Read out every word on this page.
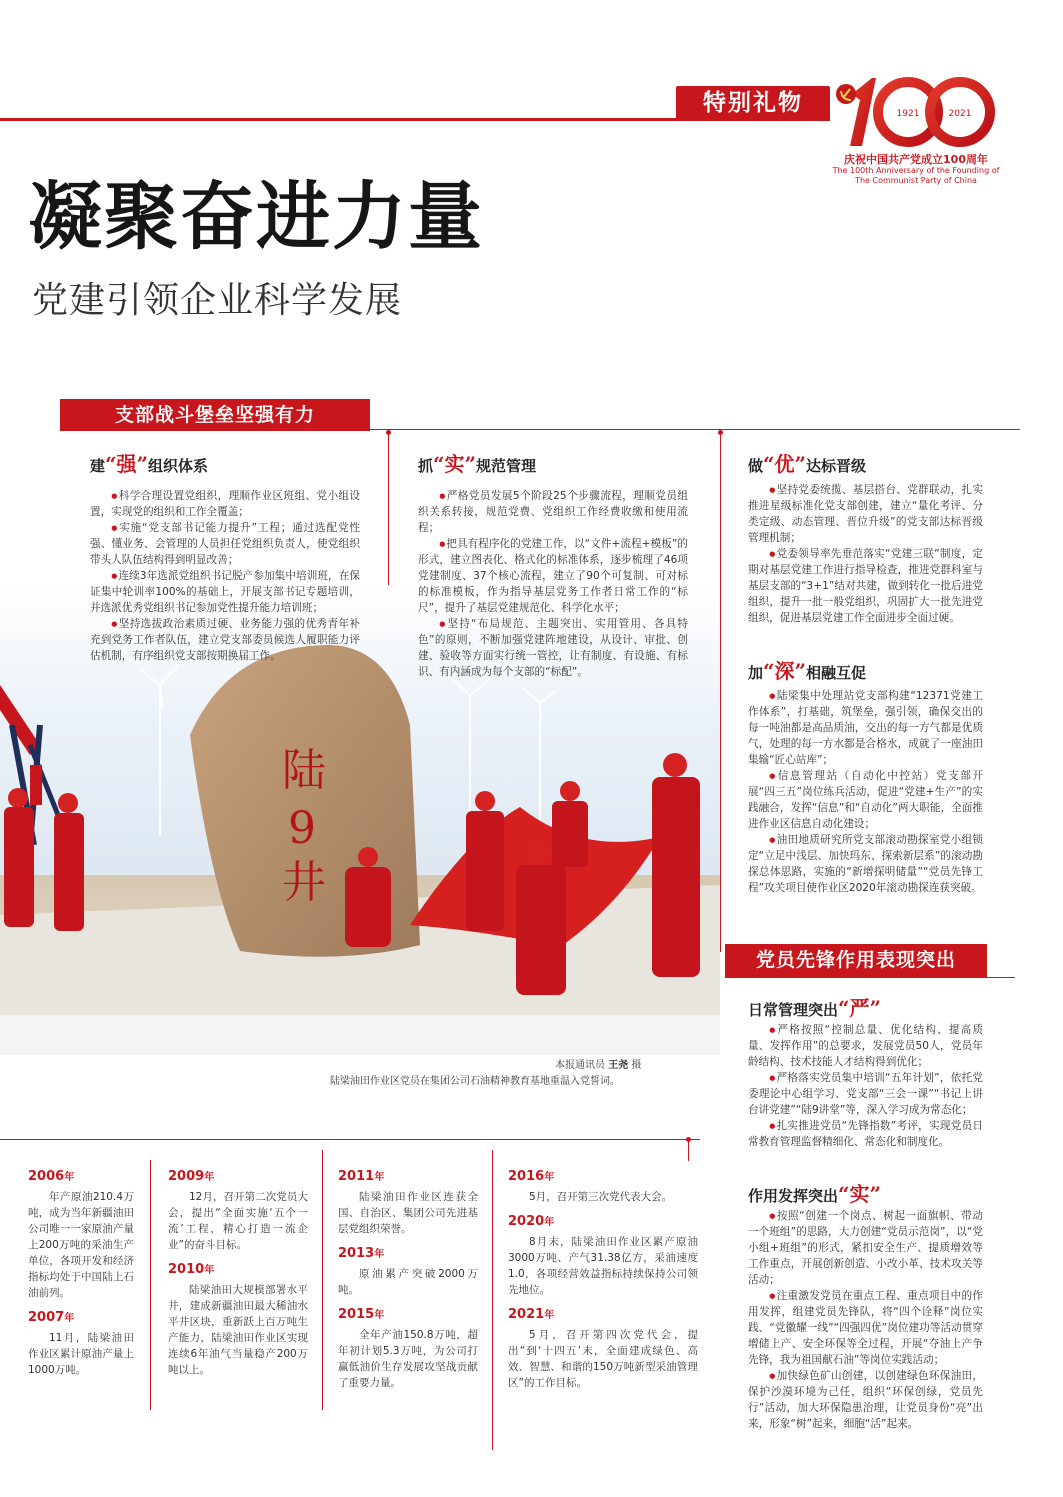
特别礼物	1921	2021
100
庆祝中国共产党成立100周年
The 100th Anniversary of the Founding of
The Communist Party of China
凝聚奋进力量
党建引领企业科学发展
支部战斗堡垒坚强有力
陆
9
井
本报通讯员 王尧 摄
陆梁油田作业区党员在集团公司石油精神教育基地重温入党誓词。
建“强”组织体系

● 科学合理设置党组织，理顺作业区班组、党小组设置，实现党的组织和工作全覆盖；

● 实施“党支部书记能力提升”工程；通过选配党性强、懂业务、会管理的人员担任党组织负责人，使党组织带头人队伍结构得到明显改善；

● 连续3年选派党组织书记脱产参加集中培训班，在保证集中轮训率100%的基础上，开展支部书记专题培训，并选派优秀党组织书记参加党性提升能力培训班；

● 坚持选拔政治素质过硬、业务能力强的优秀青年补充到党务工作者队伍，建立党支部委员候选人履职能力评估机制，有序组织党支部按期换届工作。

抓“实”规范管理

● 严格党员发展5个阶段25个步骤流程，理顺党员组织关系转接，规范党费、党组织工作经费收缴和使用流程；

● 把具有程序化的党建工作，以“文件+流程+模板”的形式，建立图表化、格式化的标准体系，逐步梳理了46项党建制度、37个核心流程，建立了90个可复制、可对标的标准模板，作为指导基层党务工作者日常工作的“标尺”，提升了基层党建规范化、科学化水平；

● 坚持“布局规范、主题突出、实用管用、各具特色”的原则，不断加强党建阵地建设，从设计、审批、创建、验收等方面实行统一管控，让有制度、有设施、有标识、有内涵成为每个支部的“标配”。

做“优”达标晋级

● 坚持党委统揽、基层搭台、党群联动，扎实推进星级标准化党支部创建，建立“量化考评、分类定级、动态管理、晋位升级”的党支部达标晋级管理机制；

● 党委领导率先垂范落实“党建三联”制度，定期对基层党建工作进行指导检查，推进党群科室与基层支部的“3+1”结对共建，做到转化一批后进党组织，提升一批一般党组织，巩固扩大一批先进党组织，促进基层党建工作全面进步全面过硬。

加“深”相融互促

● 陆梁集中处理站党支部构建“12371党建工作体系”，打基础，筑堡垒，强引领，确保交出的每一吨油都是高品质油，交出的每一方气都是优质气，处理的每一方水都是合格水，成就了一座油田集输“匠心站库”；

● 信息管理站（自动化中控站）党支部开展“四三五”岗位练兵活动，促进“党建+生产”的实践融合，发挥“信息”和“自动化”两大职能，全面推进作业区信息自动化建设；

● 油田地质研究所党支部滚动勘探室党小组锁定“立足中浅层、加快玛东、探索新层系”的滚动勘探总体思路，实施的“新增探明储量”“党员先锋工程”攻关项目使作业区2020年滚动勘探连获突破。

党员先锋作用表现突出
日常管理突出“严”

● 严格按照“控制总量、优化结构、提高质量、发挥作用”的总要求，发展党员50人，党员年龄结构、技术技能人才结构得到优化；

● 严格落实党员集中培训“五年计划”，依托党委理论中心组学习、党支部“三会一课”“书记上讲台讲党建”“陆9讲堂”等，深入学习成为常态化；

● 扎实推进党员“先锋指数”考评，实现党员日常教育管理监督精细化、常态化和制度化。

作用发挥突出“实”

● 按照“创建一个岗点、树起一面旗帜、带动一个班组”的思路，大力创建“党员示范岗”，以“党小组+班组”的形式，紧扣安全生产、提质增效等工作重点，开展创新创造、小改小革、技术攻关等活动；

● 注重激发党员在重点工程、重点项目中的作用发挥，组建党员先锋队，将“四个诠释”岗位实践、“党徽耀一线”“四强四优”岗位建功等活动贯穿增储上产、安全环保等全过程，开展“夺油上产争先锋，我为祖国献石油”等岗位实践活动；

● 加快绿色矿山创建，以创建绿色环保油田，保护沙漠环境为己任，组织“环保创绿，党员先行”活动，加大环保隐患治理，让党员身份“亮”出来，形象“树”起来，细胞“活”起来。

2006年
年产原油210.4万吨，成为当年新疆油田公司唯一一家原油产量上200万吨的采油生产单位，各项开发和经济指标均处于中国陆上石油前列。
2007年
11月，陆梁油田作业区累计原油产量上1000万吨。
2009年
12月，召开第二次党员大会，提出“全面实施‘五个一流’工程，精心打造一流企业”的奋斗目标。
2010年
陆梁油田大规模部署水平井，建成新疆油田最大稀油水平井区块，重新跃上百万吨生产能力，陆梁油田作业区实现连续6年油气当量稳产200万吨以上。
2011年
陆梁油田作业区连获全国、自治区、集团公司先进基层党组织荣誉。
2013年
原油累产突破2000万吨。
2015年
全年产油150.8万吨，超年初计划5.3万吨，为公司打赢低油价生存发展攻坚战贡献了重要力量。
2016年
5月，召开第三次党代表大会。
2020年
8月末，陆梁油田作业区累产原油3000万吨、产气31.38亿方，采油速度1.0，各项经营效益指标持续保持公司领先地位。
2021年
5月，召开第四次党代会，提出“到‘十四五’末，全面建成绿色、高效、智慧、和谐的150万吨新型采油管理区”的工作目标。
